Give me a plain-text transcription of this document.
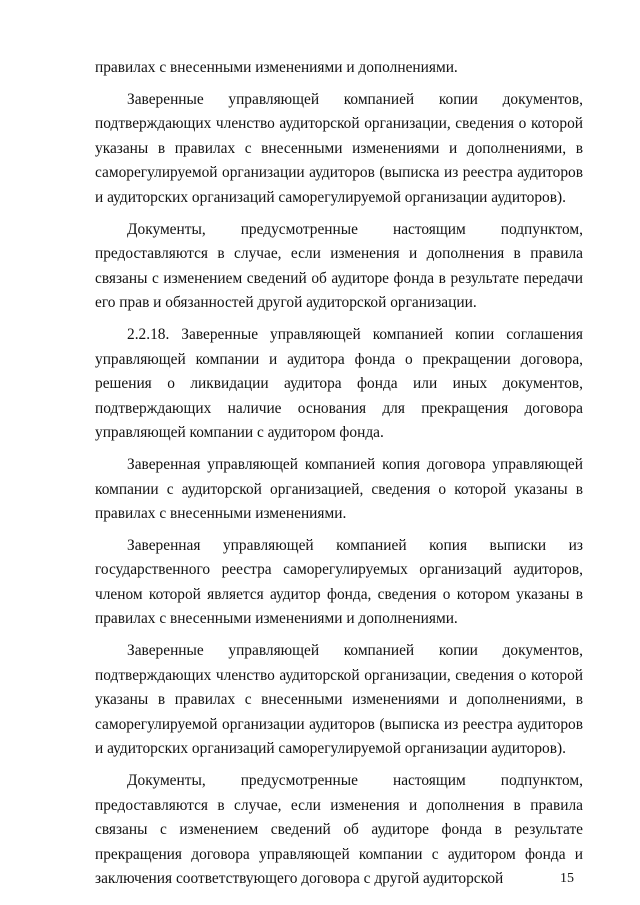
правилах с внесенными изменениями и дополнениями.

Заверенные управляющей компанией копии документов, подтверждающих членство аудиторской организации, сведения о которой указаны в правилах с внесенными изменениями и дополнениями, в саморегулируемой организации аудиторов (выписка из реестра аудиторов и аудиторских организаций саморегулируемой организации аудиторов).

Документы, предусмотренные настоящим подпунктом, предоставляются в случае, если изменения и дополнения в правила связаны с изменением сведений об аудиторе фонда в результате передачи его прав и обязанностей другой аудиторской организации.

2.2.18. Заверенные управляющей компанией копии соглашения управляющей компании и аудитора фонда о прекращении договора, решения о ликвидации аудитора фонда или иных документов, подтверждающих наличие основания для прекращения договора управляющей компании с аудитором фонда.

Заверенная управляющей компанией копия договора управляющей компании с аудиторской организацией, сведения о которой указаны в правилах с внесенными изменениями.

Заверенная управляющей компанией копия выписки из государственного реестра саморегулируемых организаций аудиторов, членом которой является аудитор фонда, сведения о котором указаны в правилах с внесенными изменениями и дополнениями.

Заверенные управляющей компанией копии документов, подтверждающих членство аудиторской организации, сведения о которой указаны в правилах с внесенными изменениями и дополнениями, в саморегулируемой организации аудиторов (выписка из реестра аудиторов и аудиторских организаций саморегулируемой организации аудиторов).

Документы, предусмотренные настоящим подпунктом, предоставляются в случае, если изменения и дополнения в правила связаны с изменением сведений об аудиторе фонда в результате прекращения договора управляющей компании с аудитором фонда и заключения соответствующего договора с другой аудиторской	15
